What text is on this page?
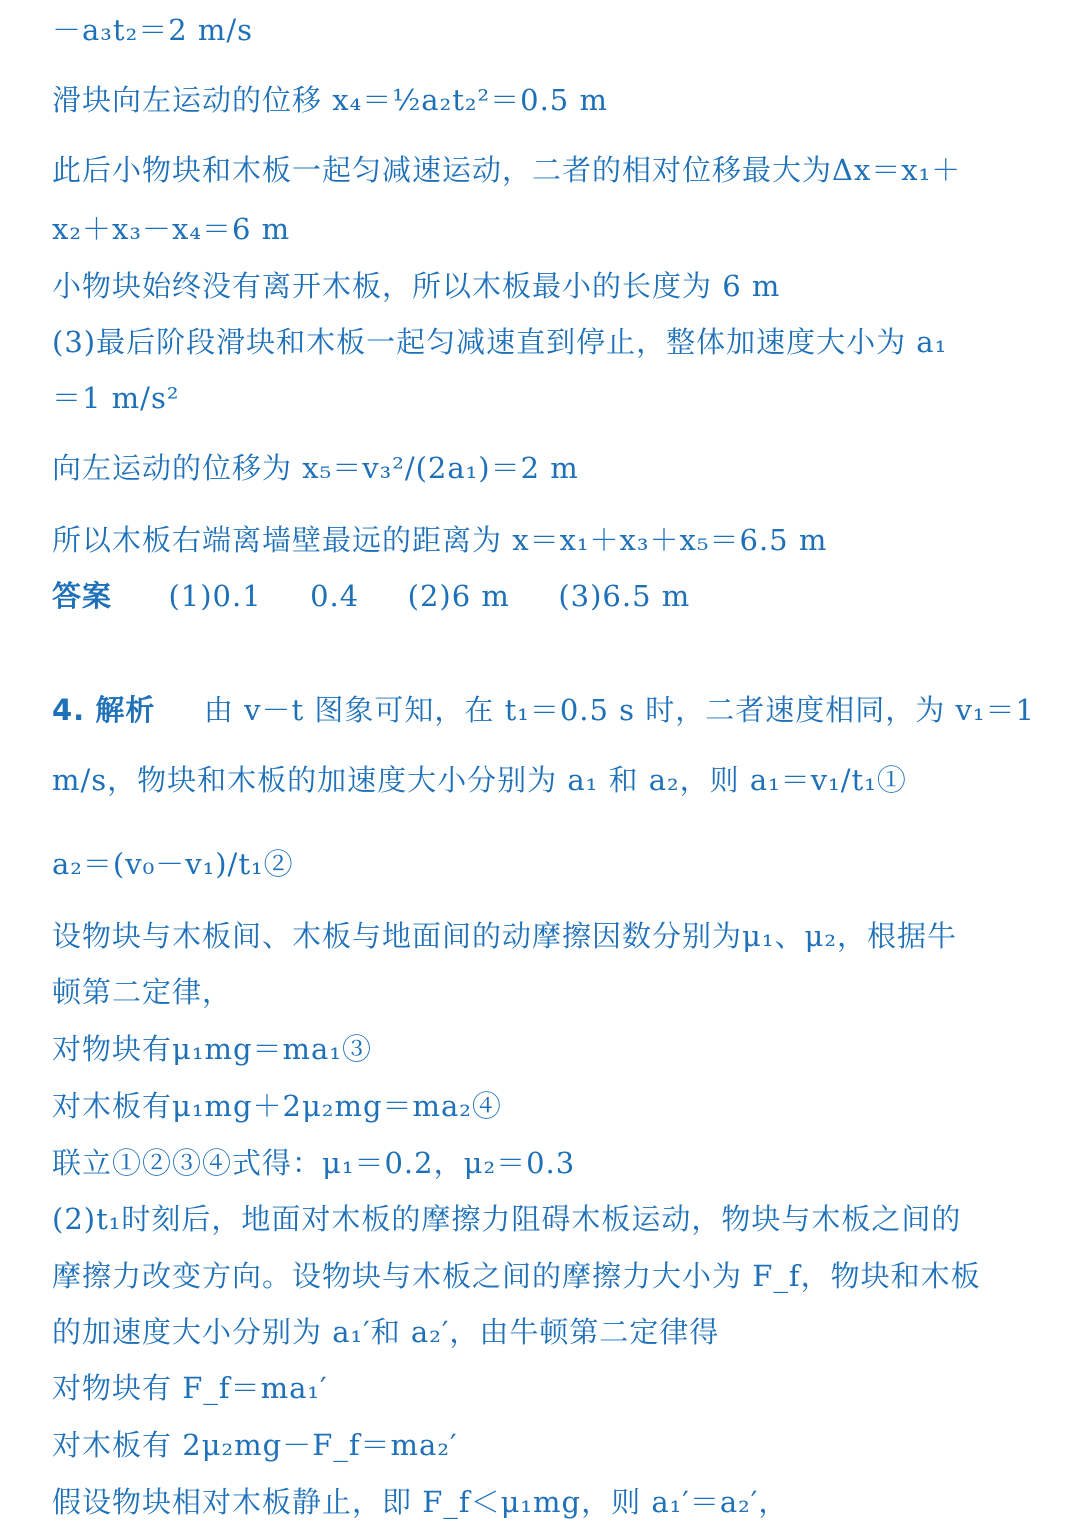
－a₃t₂＝2 m/s
滑块向左运动的位移 x₄＝½a₂t₂²＝0.5 m
此后小物块和木板一起匀减速运动，二者的相对位移最大为Δx＝x₁＋
x₂＋x₃－x₄＝6 m
小物块始终没有离开木板，所以木板最小的长度为 6 m
(3)最后阶段滑块和木板一起匀减速直到停止，整体加速度大小为 a₁
＝1 m/s²
向左运动的位移为 x₅＝v₃²/(2a₁)＝2 m
所以木板右端离墙壁最远的距离为 x＝x₁＋x₃＋x₅＝6.5 m
答案 (1)0.1 0.4 (2)6 m (3)6.5 m
4. 解析 由 v－t 图象可知，在 t₁＝0.5 s 时，二者速度相同，为 v₁＝1
m/s，物块和木板的加速度大小分别为 a₁ 和 a₂，则 a₁＝v₁/t₁①
a₂＝(v₀－v₁)/t₁②
设物块与木板间、木板与地面间的动摩擦因数分别为μ₁、μ₂，根据牛
顿第二定律，
对物块有μ₁mg＝ma₁③
对木板有μ₁mg＋2μ₂mg＝ma₂④
联立①②③④式得：μ₁＝0.2，μ₂＝0.3
(2)t₁时刻后，地面对木板的摩擦力阻碍木板运动，物块与木板之间的
摩擦力改变方向。设物块与木板之间的摩擦力大小为 F_f，物块和木板
的加速度大小分别为 a₁′和 a₂′，由牛顿第二定律得
对物块有 F_f＝ma₁′
对木板有 2μ₂mg－F_f＝ma₂′
假设物块相对木板静止，即 F_f＜μ₁mg，则 a₁′＝a₂′，
